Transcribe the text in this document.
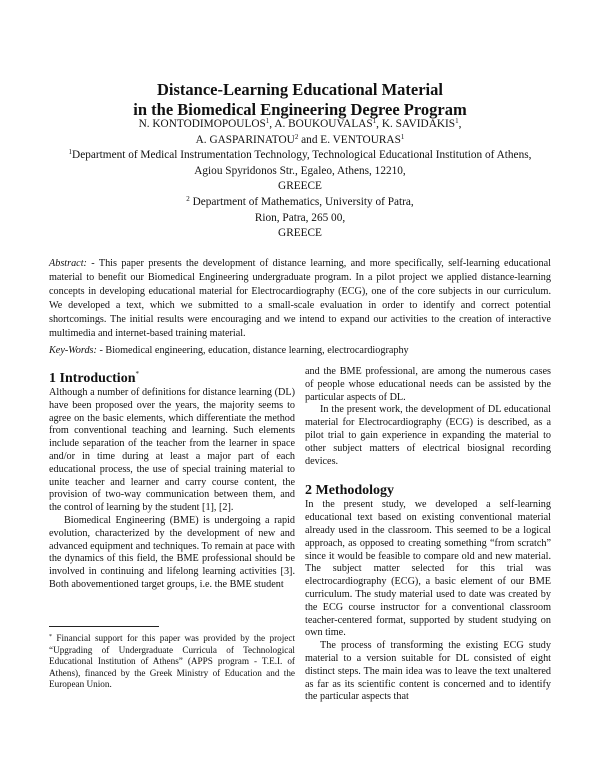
Distance-Learning Educational Material
in the Biomedical Engineering Degree Program
N. KONTODIMOPOULOS$^1$, A. BOUKOUVALAS$^1$, K. SAVIDAKIS$^1$,
A. GASPARINATOU$^2$ and E. VENTOURAS$^1$
$^1$Department of Medical Instrumentation Technology, Technological Educational Institution of Athens,
Agiou Spyridonos Str., Egaleo, Athens, 12210,
GREECE
$^2$ Department of Mathematics, University of Patra,
Rion, Patra, 265 00,
GREECE
Abstract: - This paper presents the development of distance learning, and more specifically, self-learning educational material to benefit our Biomedical Engineering undergraduate program. In a pilot project we applied distance-learning concepts in developing educational material for Electrocardiography (ECG), one of the core subjects in our curriculum. We developed a text, which we submitted to a small-scale evaluation in order to identify and correct potential shortcomings. The initial results were encouraging and we intend to expand our activities to the creation of interactive multimedia and internet-based training material.
Key-Words: - Biomedical engineering, education, distance learning, electrocardiography
1 Introduction*

Although a number of definitions for distance learning (DL) have been proposed over the years, the majority seems to agree on the basic elements, which differentiate the method from conventional teaching and learning. Such elements include separation of the teacher from the learner in space and/or in time during at least a major part of each educational process, the use of special training material to unite teacher and learner and carry course content, the provision of two-way communication between them, and the control of learning by the student [1], [2].

Biomedical Engineering (BME) is undergoing a rapid evolution, characterized by the development of new and advanced equipment and techniques. To remain at pace with the dynamics of this field, the BME professional should be involved in continuing and lifelong learning activities [3]. Both abovementioned target groups, i.e. the BME student

* Financial support for this paper was provided by the project “Upgrading of Undergraduate Curricula of Technological Educational Institution of Athens” (APPS program - T.E.I. of Athens), financed by the Greek Ministry of Education and the European Union.

and the BME professional, are among the numerous cases of people whose educational needs can be assisted by the particular aspects of DL.

In the present work, the development of DL educational material for Electrocardiography (ECG) is described, as a pilot trial to gain experience in expanding the material to other subject matters of electrical biosignal recording devices.

2 Methodology

In the present study, we developed a self-learning educational text based on existing conventional material already used in the classroom. This seemed to be a logical approach, as opposed to creating something “from scratch” since it would be feasible to compare old and new material. The subject matter selected for this trial was electrocardiography (ECG), a basic element of our BME curriculum. The study material used to date was created by the ECG course instructor for a conventional classroom teacher-centered format, supported by student studying on own time.

The process of transforming the existing ECG study material to a version suitable for DL consisted of eight distinct steps. The main idea was to leave the text unaltered as far as its scientific content is concerned and to identify the particular aspects that
